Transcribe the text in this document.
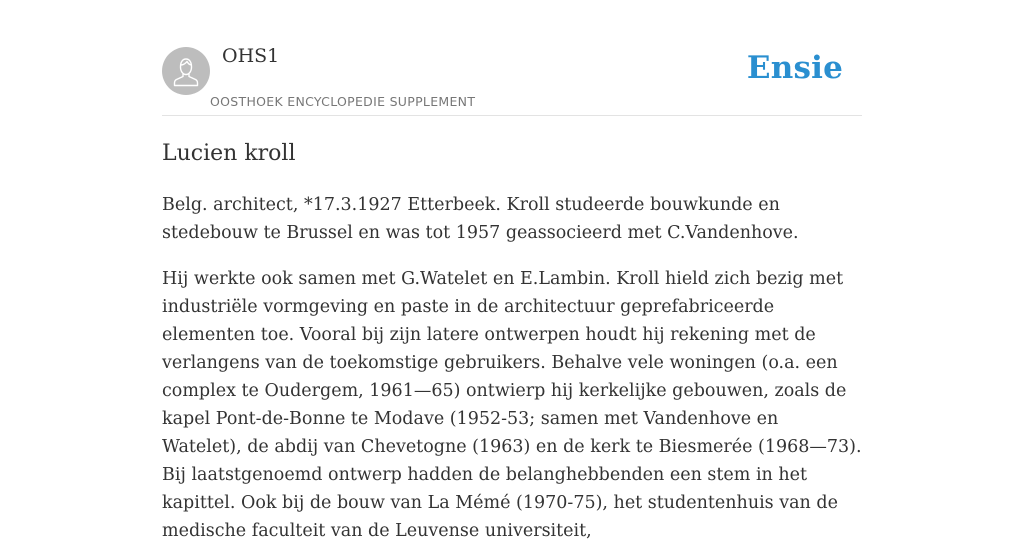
OHS1
OOSTHOEK ENCYCLOPEDIE SUPPLEMENT
Ensie
Lucien kroll

Belg. architect, *17.3.1927 Etterbeek. Kroll studeerde bouwkunde en stedebouw te Brussel en was tot 1957 geassocieerd met C.Vandenhove.

Hij werkte ook samen met G.Watelet en E.Lambin. Kroll hield zich bezig met industriële vormgeving en paste in de architectuur geprefabriceerde elementen toe. Vooral bij zijn latere ontwerpen houdt hij rekening met de verlangens van de toekomstige gebruikers. Behalve vele woningen (o.a. een complex te Oudergem, 1961—65) ontwierp hij kerkelijke gebouwen, zoals de kapel Pont-de-Bonne te Modave (1952-53; samen met Vandenhove en Watelet), de abdij van Chevetogne (1963) en de kerk te Biesmerée (1968—73). Bij laatstgenoemd ontwerp hadden de belanghebbenden een stem in het kapittel. Ook bij de bouw van La Mémé (1970-75), het studentenhuis van de medische faculteit van de Leuvense universiteit,
